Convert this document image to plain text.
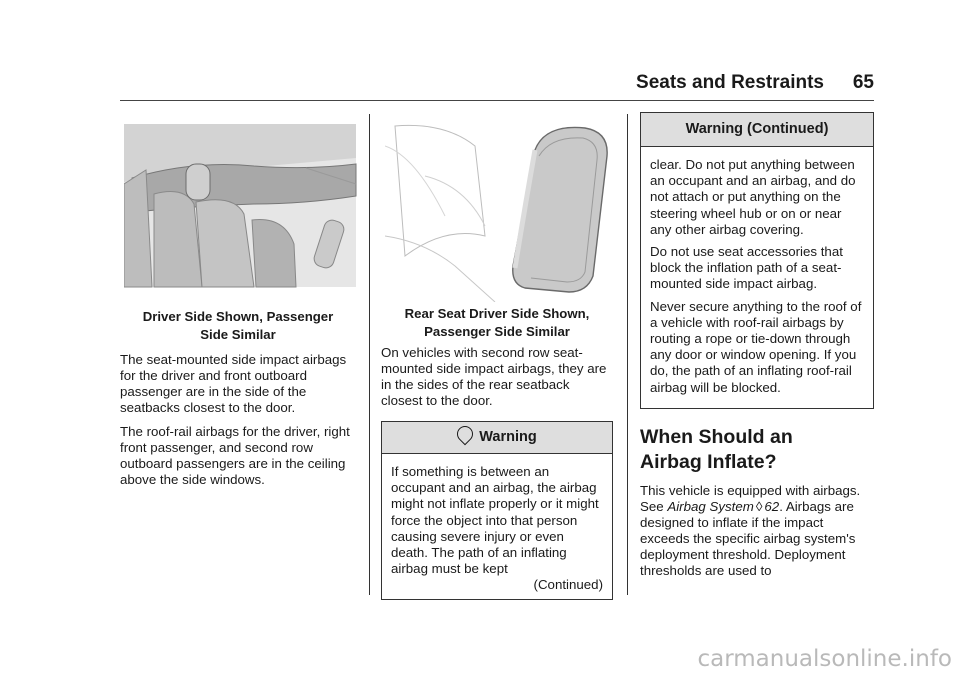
Seats and Restraints 65
Driver Side Shown, Passenger
Side Similar

The seat-mounted side impact airbags for the driver and front outboard passenger are in the side of the seatbacks closest to the door.

The roof-rail airbags for the driver, right front passenger, and second row outboard passengers are in the ceiling above the side windows.

Rear Seat Driver Side Shown,
Passenger Side Similar

On vehicles with second row seat-mounted side impact airbags, they are in the sides of the rear seatback closest to the door.

Warning

If something is between an occupant and an airbag, the airbag might not inflate properly or it might force the object into that person causing severe injury or even death. The path of an inflating airbag must be kept

(Continued)
Warning (Continued)

clear. Do not put anything between an occupant and an airbag, and do not attach or put anything on the steering wheel hub or on or near any other airbag covering.

Do not use seat accessories that block the inflation path of a seat-mounted side impact airbag.

Never secure anything to the roof of a vehicle with roof-rail airbags by routing a rope or tie-down through any door or window opening. If you do, the path of an inflating roof-rail airbag will be blocked.

When Should an Airbag Inflate?

This vehicle is equipped with airbags. See Airbag System ◊ 62. Airbags are designed to inflate if the impact exceeds the specific airbag system's deployment threshold. Deployment thresholds are used to

carmanualsonline.info
